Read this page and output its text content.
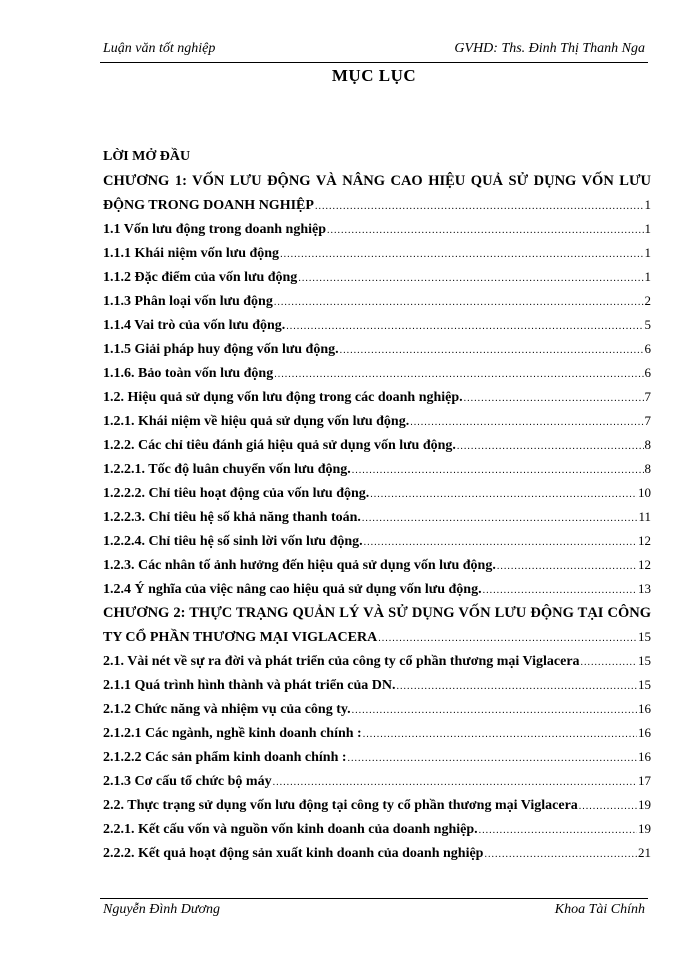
Luận văn tốt nghiệp	GVHD: Ths. Đinh Thị Thanh Nga
MỤC LỤC
LỜI MỞ ĐẦU
CHƯƠNG 1: VỐN LƯU ĐỘNG VÀ NÂNG CAO HIỆU QUẢ SỬ DỤNG VỐN LƯU
ĐỘNG TRONG DOANH NGHIỆP .....	1
1.1 Vốn lưu động trong doanh nghiệp .....	1
1.1.1 Khái niệm vốn lưu động .....	1
1.1.2 Đặc điểm của vốn lưu động .....	1
1.1.3 Phân loại vốn lưu động .....	2
1.1.4 Vai trò của vốn lưu động. .....	5
1.1.5 Giải pháp huy động vốn lưu động. .....	6
1.1.6. Bảo toàn vốn lưu động .....	6
1.2. Hiệu quả sử dụng vốn lưu động trong các doanh nghiệp. .....	7
1.2.1. Khái niệm về hiệu quả sử dụng vốn lưu động. .....	7
1.2.2. Các chỉ tiêu đánh giá hiệu quả sử dụng vốn lưu động. .....	8
1.2.2.1. Tốc độ luân chuyển vốn lưu động. .....	8
1.2.2.2. Chỉ tiêu hoạt động của vốn lưu động. .....	10
1.2.2.3. Chỉ tiêu hệ số khả năng thanh toán. .....	11
1.2.2.4. Chỉ tiêu hệ số sinh lời vốn lưu động. .....	12
1.2.3. Các nhân tố ảnh hưởng đến hiệu quả sử dụng vốn lưu động. .....	12
1.2.4 Ý nghĩa của việc nâng cao hiệu quả sử dụng vốn lưu động. .....	13
CHƯƠNG 2: THỰC TRẠNG QUẢN LÝ VÀ SỬ DỤNG VỐN LƯU ĐỘNG TẠI CÔNG
TY CỔ PHẦN THƯƠNG MẠI VIGLACERA .....	15
2.1. Vài nét về sự ra đời và phát triển của công ty cổ phần thương mại Viglacera .....	15
2.1.1 Quá trình hình thành và phát triển của DN. .....	15
2.1.2 Chức năng và nhiệm vụ của công ty. .....	16
2.1.2.1 Các ngành, nghề kinh doanh chính : .....	16
2.1.2.2 Các sản phẩm kinh doanh chính : .....	16
2.1.3 Cơ cấu tổ chức bộ máy .....	17
2.2. Thực trạng sử dụng vốn lưu động tại công ty cổ phần thương mại Viglacera .....	19
2.2.1. Kết cấu vốn và nguồn vốn kinh doanh của doanh nghiệp. .....	19
2.2.2. Kết quả hoạt động sản xuất kinh doanh của doanh nghiệp .....	21
Nguyễn Đình Dương	Khoa Tài Chính
